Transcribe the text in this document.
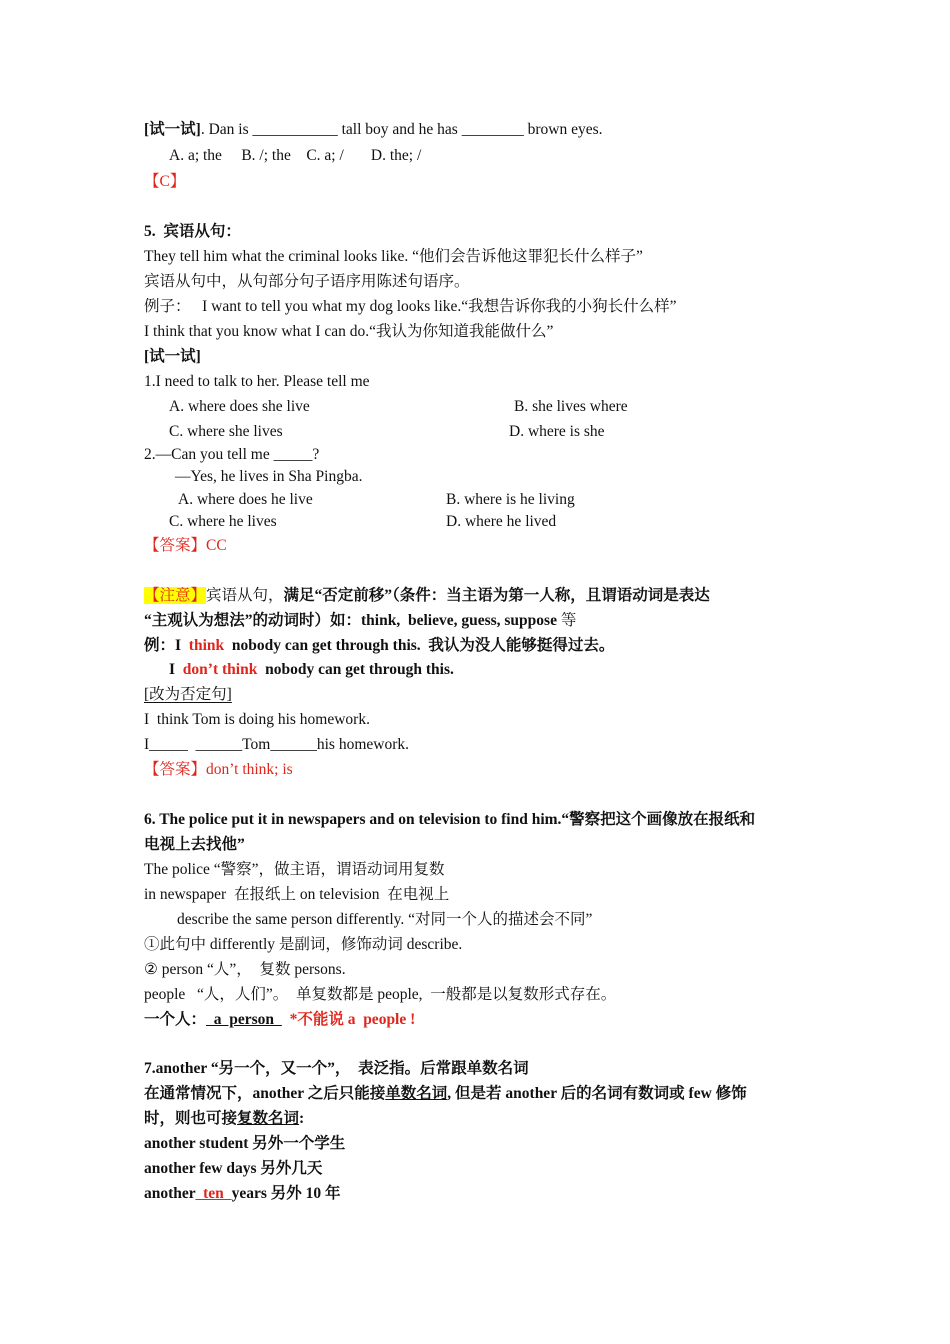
[试一试]. Dan is ___________ tall boy and he has ________ brown eyes.
A. a; the     B. /; the    C. a; /       D. the; /
【C】
5.  宾语从句：
They tell him what the criminal looks like. “他们会告诉他这罪犯长什么样子”
宾语从句中，从句部分句子语序用陈述句语序。
例子：   I want to tell you what my dog looks like.“我想告诉你我的小狗长什么样”
I think that you know what I can do.“我认为你知道我能做什么”
[试一试]
1.I need to talk to her. Please tell me
A. where does she live	B. she lives where
C. where she lives	D. where is she
2.—Can you tell me _____?
—Yes, he lives in Sha Pingba.
A. where does he live	B. where is he living
C. where he lives	D. where he lived
【答案】CC
【注意】宾语从句，满足“否定前移”（条件：当主语为第一人称，且谓语动词是表达
“主观认为想法”的动词时）如：think,  believe, guess, suppose 等
例：I  think  nobody can get through this.  我认为没人能够挺得过去。
I  don’t think  nobody can get through this.
[改为否定句]
I  think Tom is doing his homework.
I_____  ______Tom______his homework.
【答案】don’t think; is
6. The police put it in newspapers and on television to find him.“警察把这个画像放在报纸和
电视上去找他”
The police “警察”，做主语，谓语动词用复数
in newspaper  在报纸上 on television  在电视上
describe the same person differently. “对同一个人的描述会不同”
①此句中 differently 是副词，修饰动词 describe.
② person “人”，  复数 persons.
people   “人，人们”。  单复数都是 people,  一般都是以复数形式存在。
一个人：  a  person    *不能说 a  people !
7.another “另一个，又一个”，  表泛指。后常跟单数名词
在通常情况下，another 之后只能接单数名词, 但是若 another 后的名词有数词或 few 修饰
时，则也可接复数名词:
another student 另外一个学生
another few days 另外几天
another  ten  years 另外 10 年
